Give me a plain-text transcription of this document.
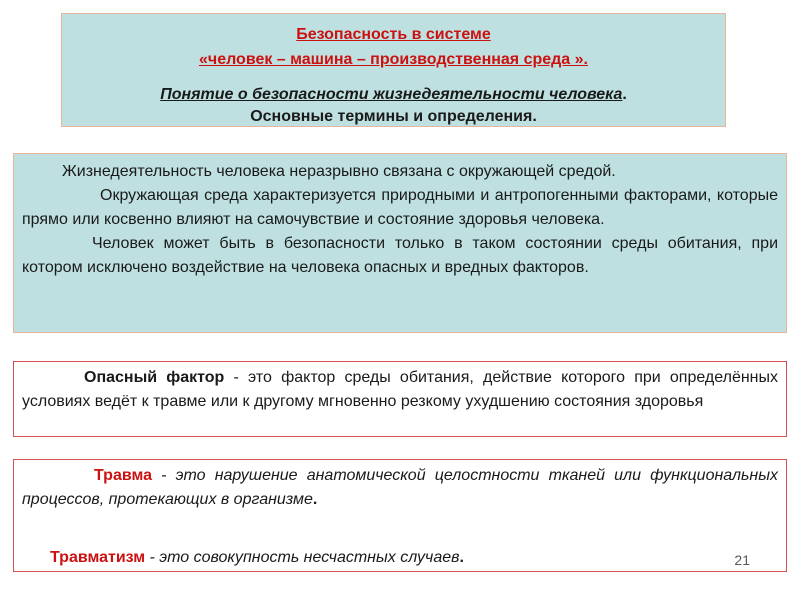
Безопасность в системе
«человек – машина – производственная среда ».
Понятие о безопасности жизнедеятельности человека.
Основные термины и определения.

Жизнедеятельность человека неразрывно связана с окружающей средой.

Окружающая среда характеризуется природными и антропогенными факторами, которые прямо или косвенно влияют на самочувствие и состояние здоровья человека.

Человек может быть в безопасности только в таком состоянии среды обитания, при котором исключено воздействие на человека опасных и вредных факторов.

Опасный фактор - это фактор среды обитания, действие которого при определённых условиях ведёт к травме или к другому мгновенно резкому ухудшению состояния здоровья

Травма - это нарушение анатомической целостности тканей или функциональных процессов, протекающих в организме.

Травматизм - это совокупность несчастных случаев.	21
